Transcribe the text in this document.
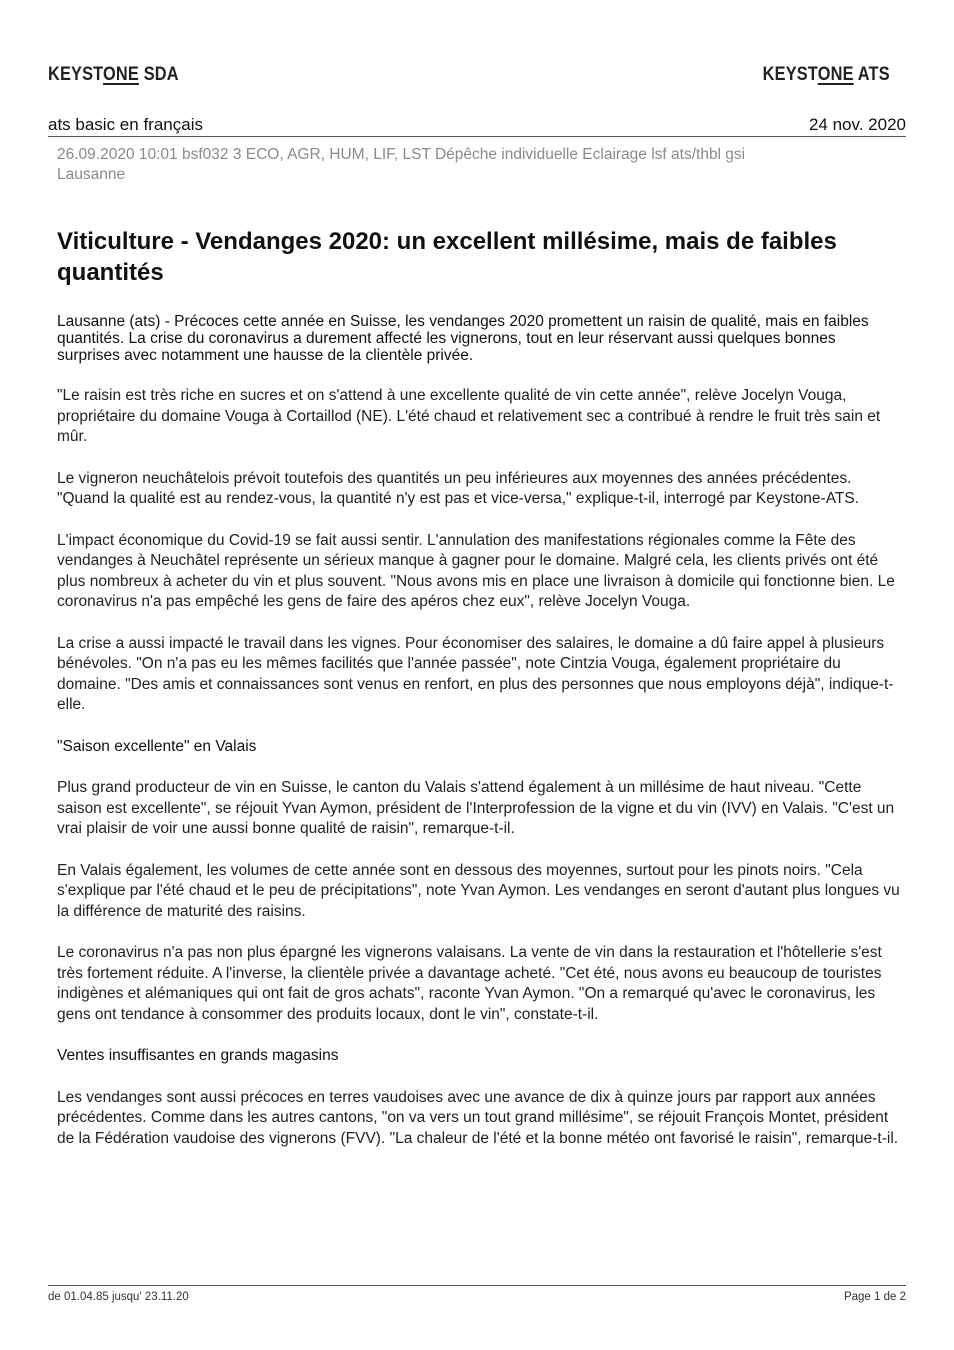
KEYSTONE SDA	KEYSTONE ATS
ats basic en français	24 nov. 2020
26.09.2020 10:01 bsf032 3 ECO, AGR, HUM, LIF, LST Dépêche individuelle Eclairage lsf ats/thbl gsi
Lausanne
Viticulture - Vendanges 2020: un excellent millésime, mais de faibles quantités

Lausanne (ats) - Précoces cette année en Suisse, les vendanges 2020 promettent un raisin de qualité, mais en faibles quantités. La crise du coronavirus a durement affecté les vignerons, tout en leur réservant aussi quelques bonnes surprises avec notamment une hausse de la clientèle privée.

"Le raisin est très riche en sucres et on s'attend à une excellente qualité de vin cette année", relève Jocelyn Vouga, propriétaire du domaine Vouga à Cortaillod (NE). L'été chaud et relativement sec a contribué à rendre le fruit très sain et mûr.

Le vigneron neuchâtelois prévoit toutefois des quantités un peu inférieures aux moyennes des années précédentes. "Quand la qualité est au rendez-vous, la quantité n'y est pas et vice-versa," explique-t-il, interrogé par Keystone-ATS.

L'impact économique du Covid-19 se fait aussi sentir. L'annulation des manifestations régionales comme la Fête des vendanges à Neuchâtel représente un sérieux manque à gagner pour le domaine. Malgré cela, les clients privés ont été plus nombreux à acheter du vin et plus souvent. "Nous avons mis en place une livraison à domicile qui fonctionne bien. Le coronavirus n'a pas empêché les gens de faire des apéros chez eux", relève Jocelyn Vouga.

La crise a aussi impacté le travail dans les vignes. Pour économiser des salaires, le domaine a dû faire appel à plusieurs bénévoles. "On n'a pas eu les mêmes facilités que l'année passée", note Cintzia Vouga, également propriétaire du domaine. "Des amis et connaissances sont venus en renfort, en plus des personnes que nous employons déjà", indique-t-elle.

"Saison excellente" en Valais

Plus grand producteur de vin en Suisse, le canton du Valais s'attend également à un millésime de haut niveau. "Cette saison est excellente", se réjouit Yvan Aymon, président de l'Interprofession de la vigne et du vin (IVV) en Valais. "C'est un vrai plaisir de voir une aussi bonne qualité de raisin", remarque-t-il.

En Valais également, les volumes de cette année sont en dessous des moyennes, surtout pour les pinots noirs. "Cela s'explique par l'été chaud et le peu de précipitations", note Yvan Aymon. Les vendanges en seront d'autant plus longues vu la différence de maturité des raisins.

Le coronavirus n'a pas non plus épargné les vignerons valaisans. La vente de vin dans la restauration et l'hôtellerie s'est très fortement réduite. A l'inverse, la clientèle privée a davantage acheté. "Cet été, nous avons eu beaucoup de touristes indigènes et alémaniques qui ont fait de gros achats", raconte Yvan Aymon. "On a remarqué qu'avec le coronavirus, les gens ont tendance à consommer des produits locaux, dont le vin", constate-t-il.

Ventes insuffisantes en grands magasins

Les vendanges sont aussi précoces en terres vaudoises avec une avance de dix à quinze jours par rapport aux années précédentes. Comme dans les autres cantons, "on va vers un tout grand millésime", se réjouit François Montet, président de la Fédération vaudoise des vignerons (FVV). "La chaleur de l'été et la bonne météo ont favorisé le raisin", remarque-t-il.

de 01.04.85 jusqu' 23.11.20	Page 1 de 2
